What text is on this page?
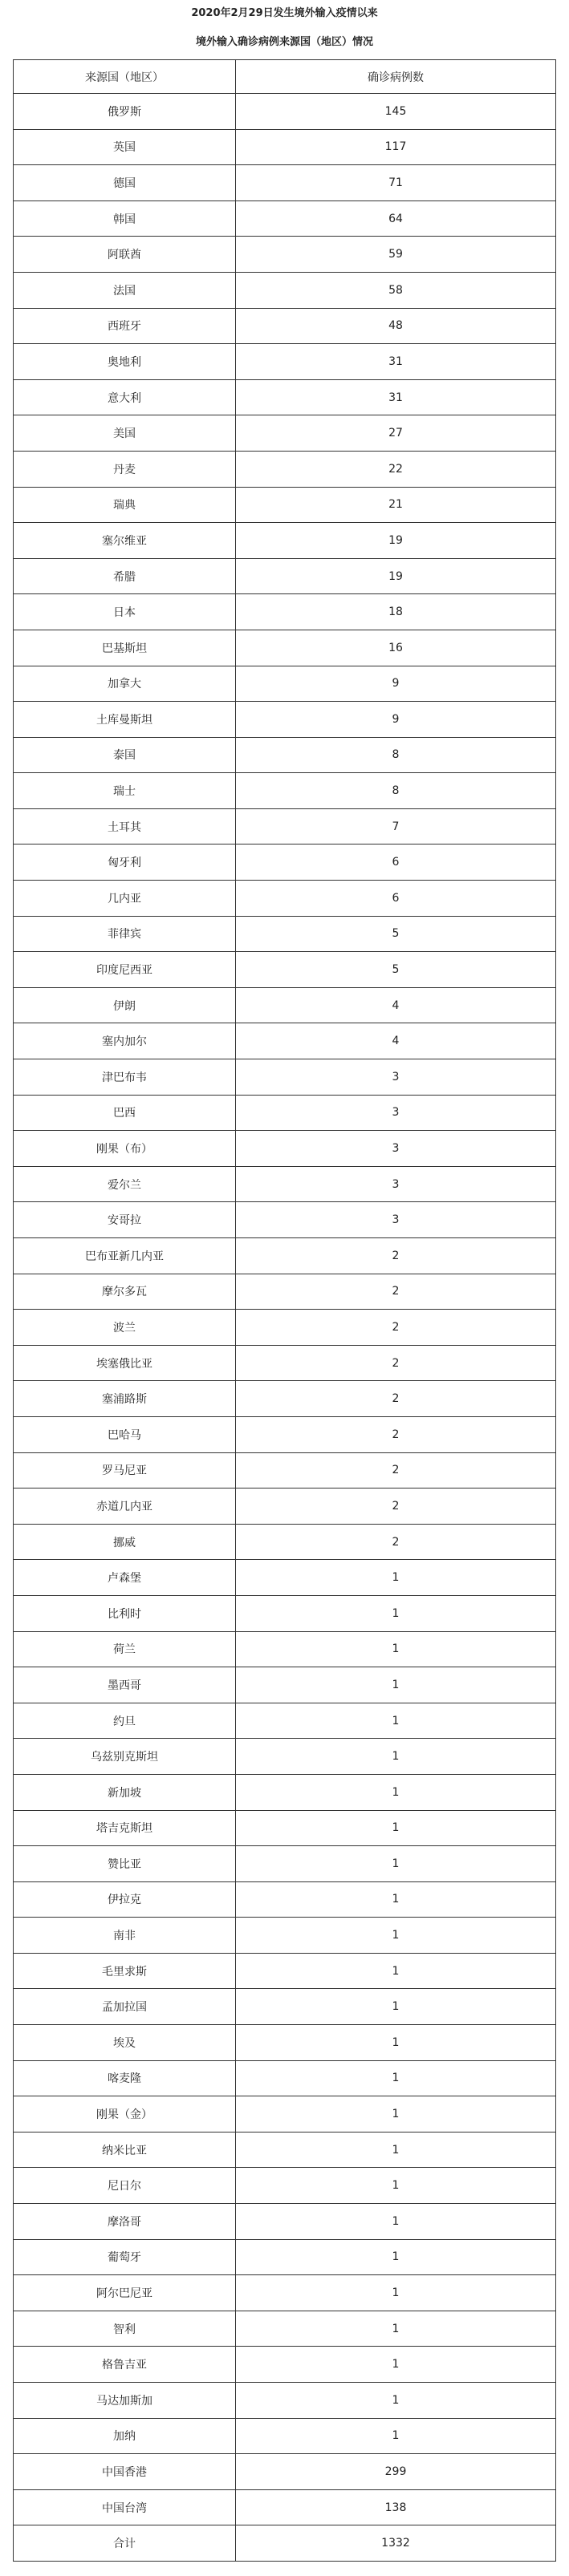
2020年2月29日发生境外输入疫情以来
境外输入确诊病例来源国（地区）情况
来源国（地区）	确诊病例数
俄罗斯	145
英国	117
德国	71
韩国	64
阿联酋	59
法国	58
西班牙	48
奥地利	31
意大利	31
美国	27
丹麦	22
瑞典	21
塞尔维亚	19
希腊	19
日本	18
巴基斯坦	16
加拿大	9
土库曼斯坦	9
泰国	8
瑞士	8
土耳其	7
匈牙利	6
几内亚	6
菲律宾	5
印度尼西亚	5
伊朗	4
塞内加尔	4
津巴布韦	3
巴西	3
刚果（布）	3
爱尔兰	3
安哥拉	3
巴布亚新几内亚	2
摩尔多瓦	2
波兰	2
埃塞俄比亚	2
塞浦路斯	2
巴哈马	2
罗马尼亚	2
赤道几内亚	2
挪威	2
卢森堡	1
比利时	1
荷兰	1
墨西哥	1
约旦	1
乌兹别克斯坦	1
新加坡	1
塔吉克斯坦	1
赞比亚	1
伊拉克	1
南非	1
毛里求斯	1
孟加拉国	1
埃及	1
喀麦隆	1
刚果（金）	1
纳米比亚	1
尼日尔	1
摩洛哥	1
葡萄牙	1
阿尔巴尼亚	1
智利	1
格鲁吉亚	1
马达加斯加	1
加纳	1
中国香港	299
中国台湾	138
合计	1332
